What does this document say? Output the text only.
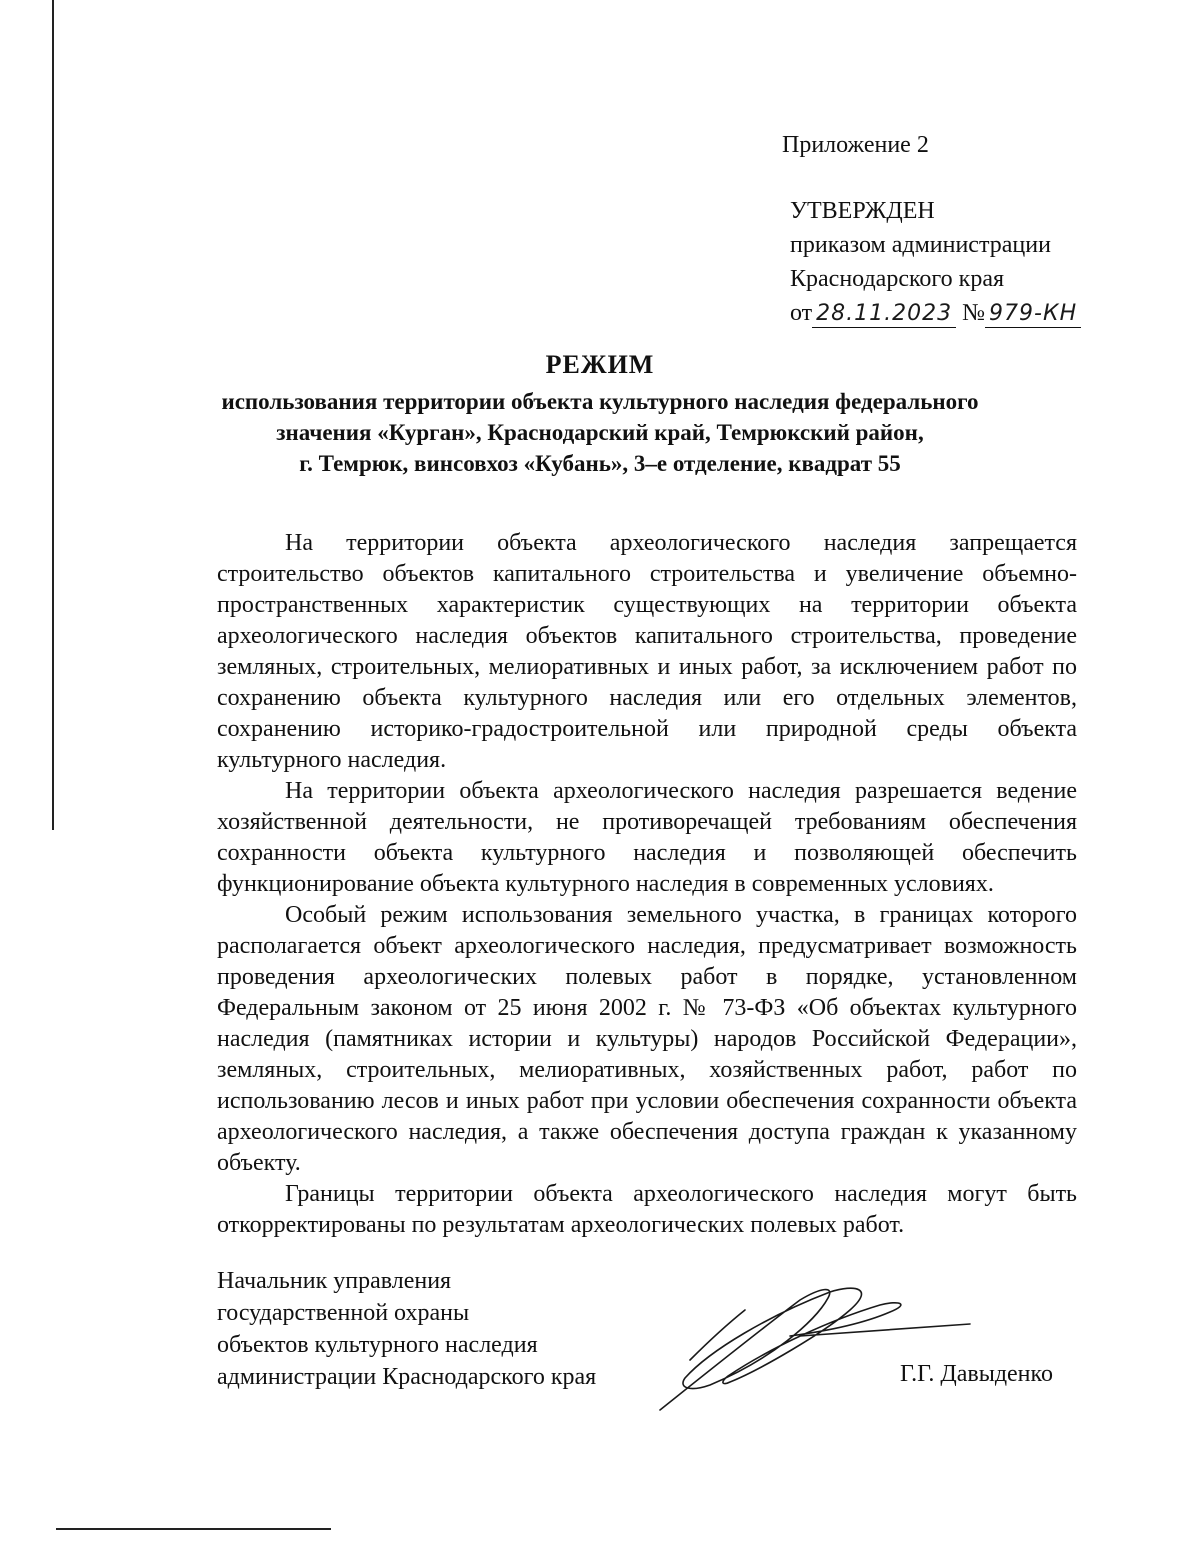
Приложение 2
УТВЕРЖДЕН
приказом администрации
Краснодарского края
от 28.11.2023 № 979-КН
РЕЖИМ
использования территории объекта культурного наследия федерального
значения «Курган», Краснодарский край, Темрюкский район,
г. Темрюк, винсовхоз «Кубань», 3–е отделение, квадрат 55

На территории объекта археологического наследия запрещается строительство объектов капитального строительства и увеличение объемно-пространственных характеристик существующих на территории объекта археологического наследия объектов капитального строительства, проведение земляных, строительных, мелиоративных и иных работ, за исключением работ по сохранению объекта культурного наследия или его отдельных элементов, сохранению историко-градостроительной или природной среды объекта культурного наследия.

На территории объекта археологического наследия разрешается ведение хозяйственной деятельности, не противоречащей требованиям обеспечения сохранности объекта культурного наследия и позволяющей обеспечить функционирование объекта культурного наследия в современных условиях.

Особый режим использования земельного участка, в границах которого располагается объект археологического наследия, предусматривает возможность проведения археологических полевых работ в порядке, установленном Федеральным законом от 25 июня 2002 г. № 73-ФЗ «Об объектах культурного наследия (памятниках истории и культуры) народов Российской Федерации», земляных, строительных, мелиоративных, хозяйственных работ, работ по использованию лесов и иных работ при условии обеспечения сохранности объекта археологического наследия, а также обеспечения доступа граждан к указанному объекту.

Границы территории объекта археологического наследия могут быть откорректированы по результатам археологических полевых работ.

Начальник управления
государственной охраны
объектов культурного наследия
администрации Краснодарского края	Г.Г. Давыденко
